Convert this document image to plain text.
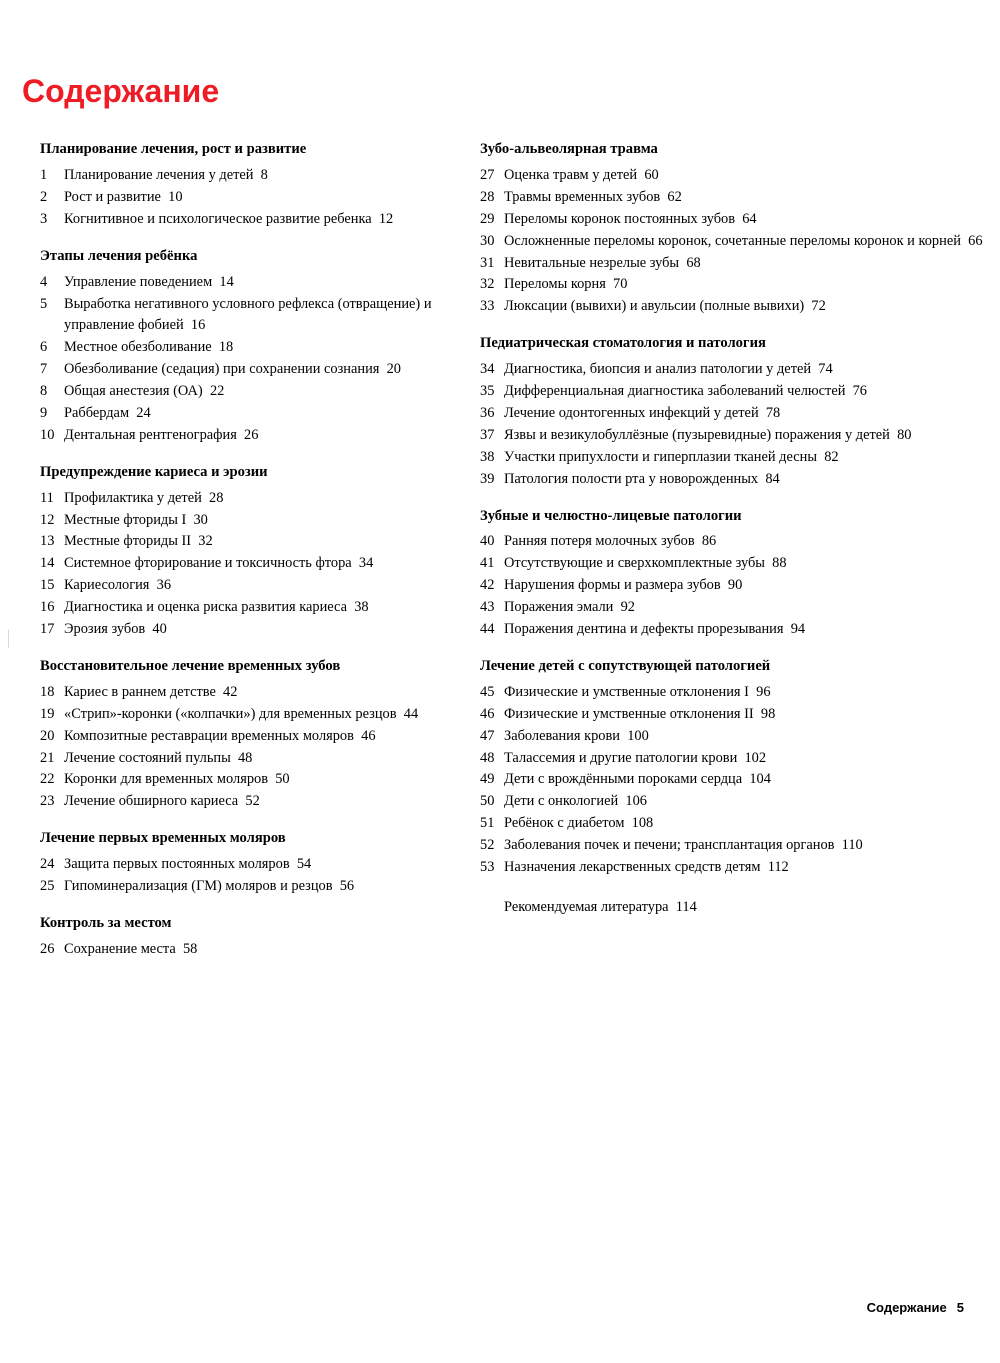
Содержание
Планирование лечения, рост и развитие
1	Планирование лечения у детей 8
2	Рост и развитие 10
3	Когнитивное и психологическое развитие ребенка 12
Этапы лечения ребёнка
4	Управление поведением 14
5	Выработка негативного условного рефлекса (отвращение) и управление фобией 16
6	Местное обезболивание 18
7	Обезболивание (седация) при сохранении сознания 20
8	Общая анестезия (ОА) 22
9	Раббердам 24
10 Дентальная рентгенография 26
Предупреждение кариеса и эрозии
11 Профилактика у детей 28
12 Местные фториды I 30
13 Местные фториды II 32
14 Системное фторирование и токсичность фтора 34
15 Кариесология 36
16 Диагностика и оценка риска развития кариеса 38
17 Эрозия зубов 40
Восстановительное лечение временных зубов
18 Кариес в раннем детстве 42
19 «Стрип»-коронки («колпачки») для временных резцов 44
20 Композитные реставрации временных моляров 46
21 Лечение состояний пульпы 48
22 Коронки для временных моляров 50
23 Лечение обширного кариеса 52
Лечение первых временных моляров
24 Защита первых постоянных моляров 54
25 Гипоминерализация (ГМ) моляров и резцов 56
Контроль за местом
26 Сохранение места 58
Зубо-альвеолярная травма
27 Оценка травм у детей 60
28 Травмы временных зубов 62
29 Переломы коронок постоянных зубов 64
30 Осложненные переломы коронок, сочетанные переломы коронок и корней 66
31 Невитальные незрелые зубы 68
32 Переломы корня 70
33 Люксации (вывихи) и авульсии (полные вывихи) 72
Педиатрическая стоматология и патология
34 Диагностика, биопсия и анализ патологии у детей 74
35 Дифференциальная диагностика заболеваний челюстей 76
36 Лечение одонтогенных инфекций у детей 78
37 Язвы и везикулобуллёзные (пузыревидные) поражения у детей 80
38 Участки припухлости и гиперплазии тканей десны 82
39 Патология полости рта у новорожденных 84
Зубные и челюстно-лицевые патологии
40 Ранняя потеря молочных зубов 86
41 Отсутствующие и сверхкомплектные зубы 88
42 Нарушения формы и размера зубов 90
43 Поражения эмали 92
44 Поражения дентина и дефекты прорезывания 94
Лечение детей с сопутствующей патологией
45 Физические и умственные отклонения I 96
46 Физические и умственные отклонения II 98
47 Заболевания крови 100
48 Талассемия и другие патологии крови 102
49 Дети с врождёнными пороками сердца 104
50 Дети с онкологией 106
51 Ребёнок с диабетом 108
52 Заболевания почек и печени; трансплантация органов 110
53 Назначения лекарственных средств детям 112
Рекомендуемая литература 114
Содержание 5
